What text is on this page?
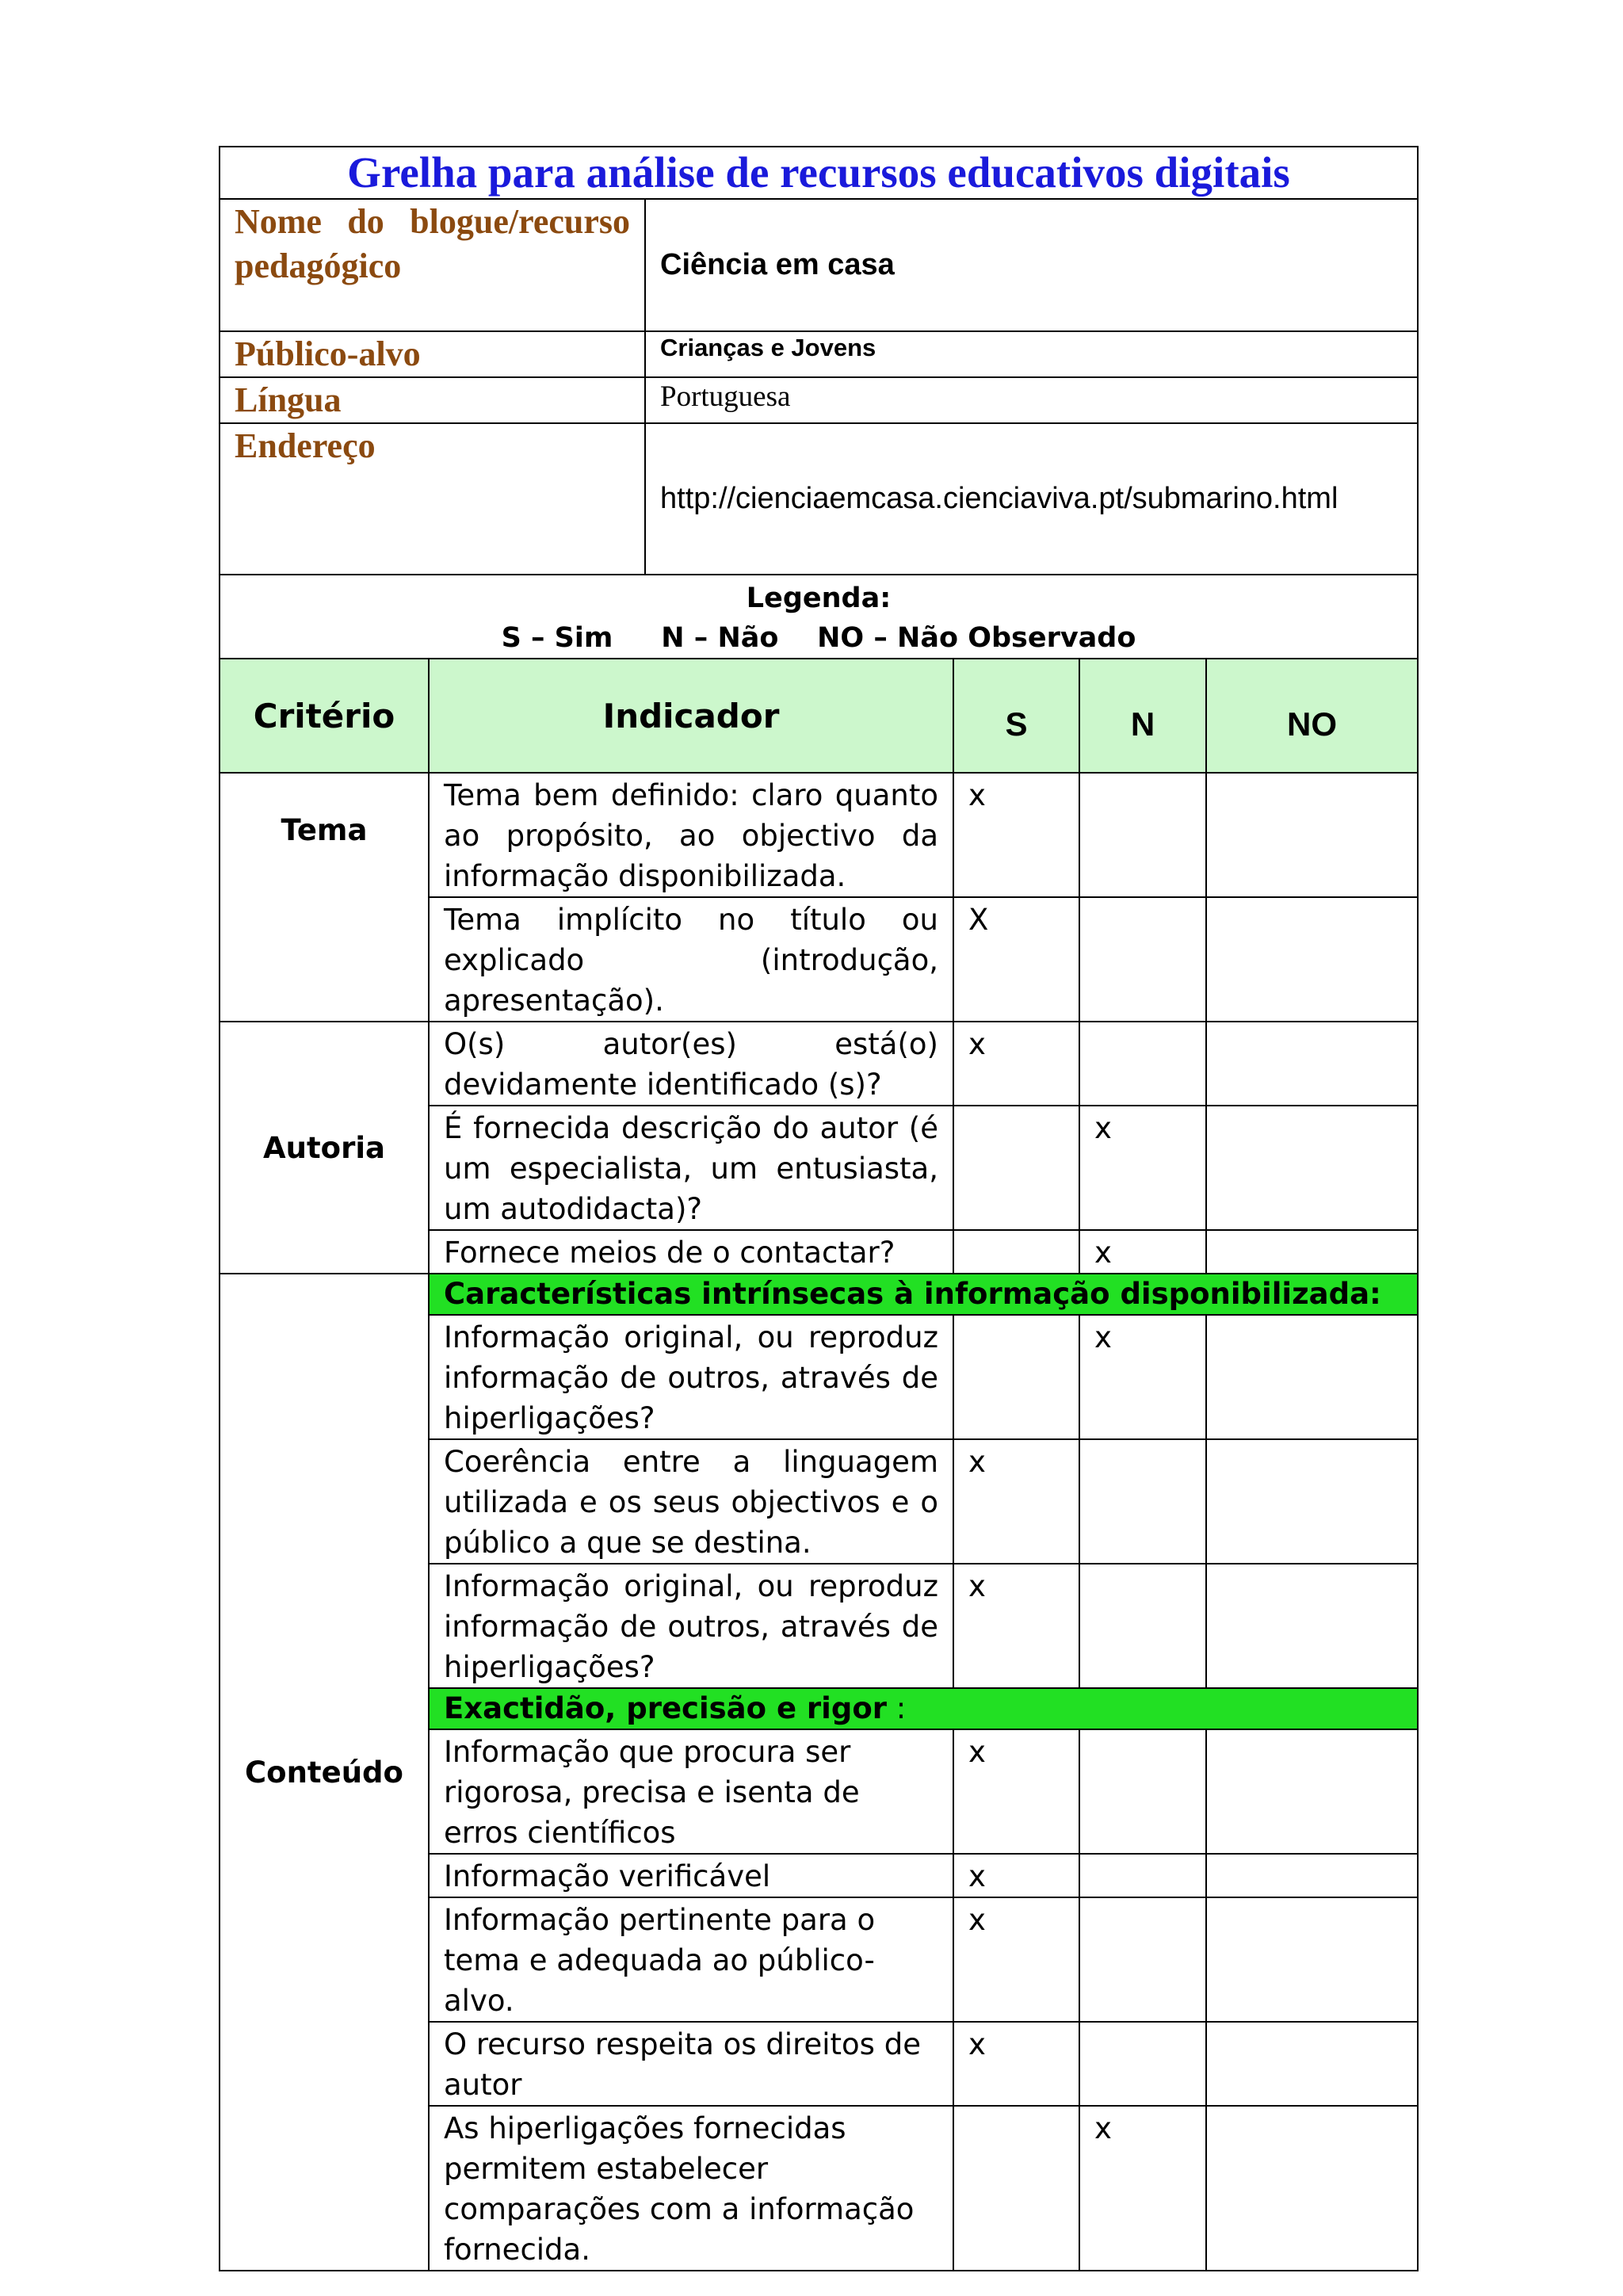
Grelha para análise de recursos educativos digitais	
Nome do blogue/recurso pedagógico	Ciência em casa
Público-alvo	Crianças e Jovens
Língua	Portuguesa
Endereço	http://cienciaemcasa.cienciaviva.pt/submarino.html

Legenda:
S – Sim     N – Não    NO – Não Observado	
Critério	Indicador	S	N	NO
Tema	Tema bem definido: claro quanto ao propósito, ao objectivo da informação disponibilizada.	x		
	Tema implícito no título ou explicado (introdução, apresentação).	X		
Autoria	O(s) autor(es) está(o) devidamente identificado (s)?	x		
	É fornecida descrição do autor (é um especialista, um entusiasta, um autodidacta)?		x	
	Fornece meios de o contactar?		x	
Conteúdo	Características intrínsecas à informação disponibilizada:			
	Informação original, ou reproduz informação de outros, através de hiperligações?		x	
	Coerência entre a linguagem utilizada e os seus objectivos e o público a que se destina.	x		
	Informação original, ou reproduz informação de outros, através de hiperligações?	x		
	Exactidão, precisão e rigor :			
	Informação que procura ser rigorosa, precisa e isenta de erros científicos	x		
	Informação verificável	x		
	Informação pertinente para o tema e adequada ao público-alvo.	x		
	O recurso respeita os direitos de autor	x		
	As hiperligações fornecidas permitem estabelecer comparações com a informação fornecida.		x	
